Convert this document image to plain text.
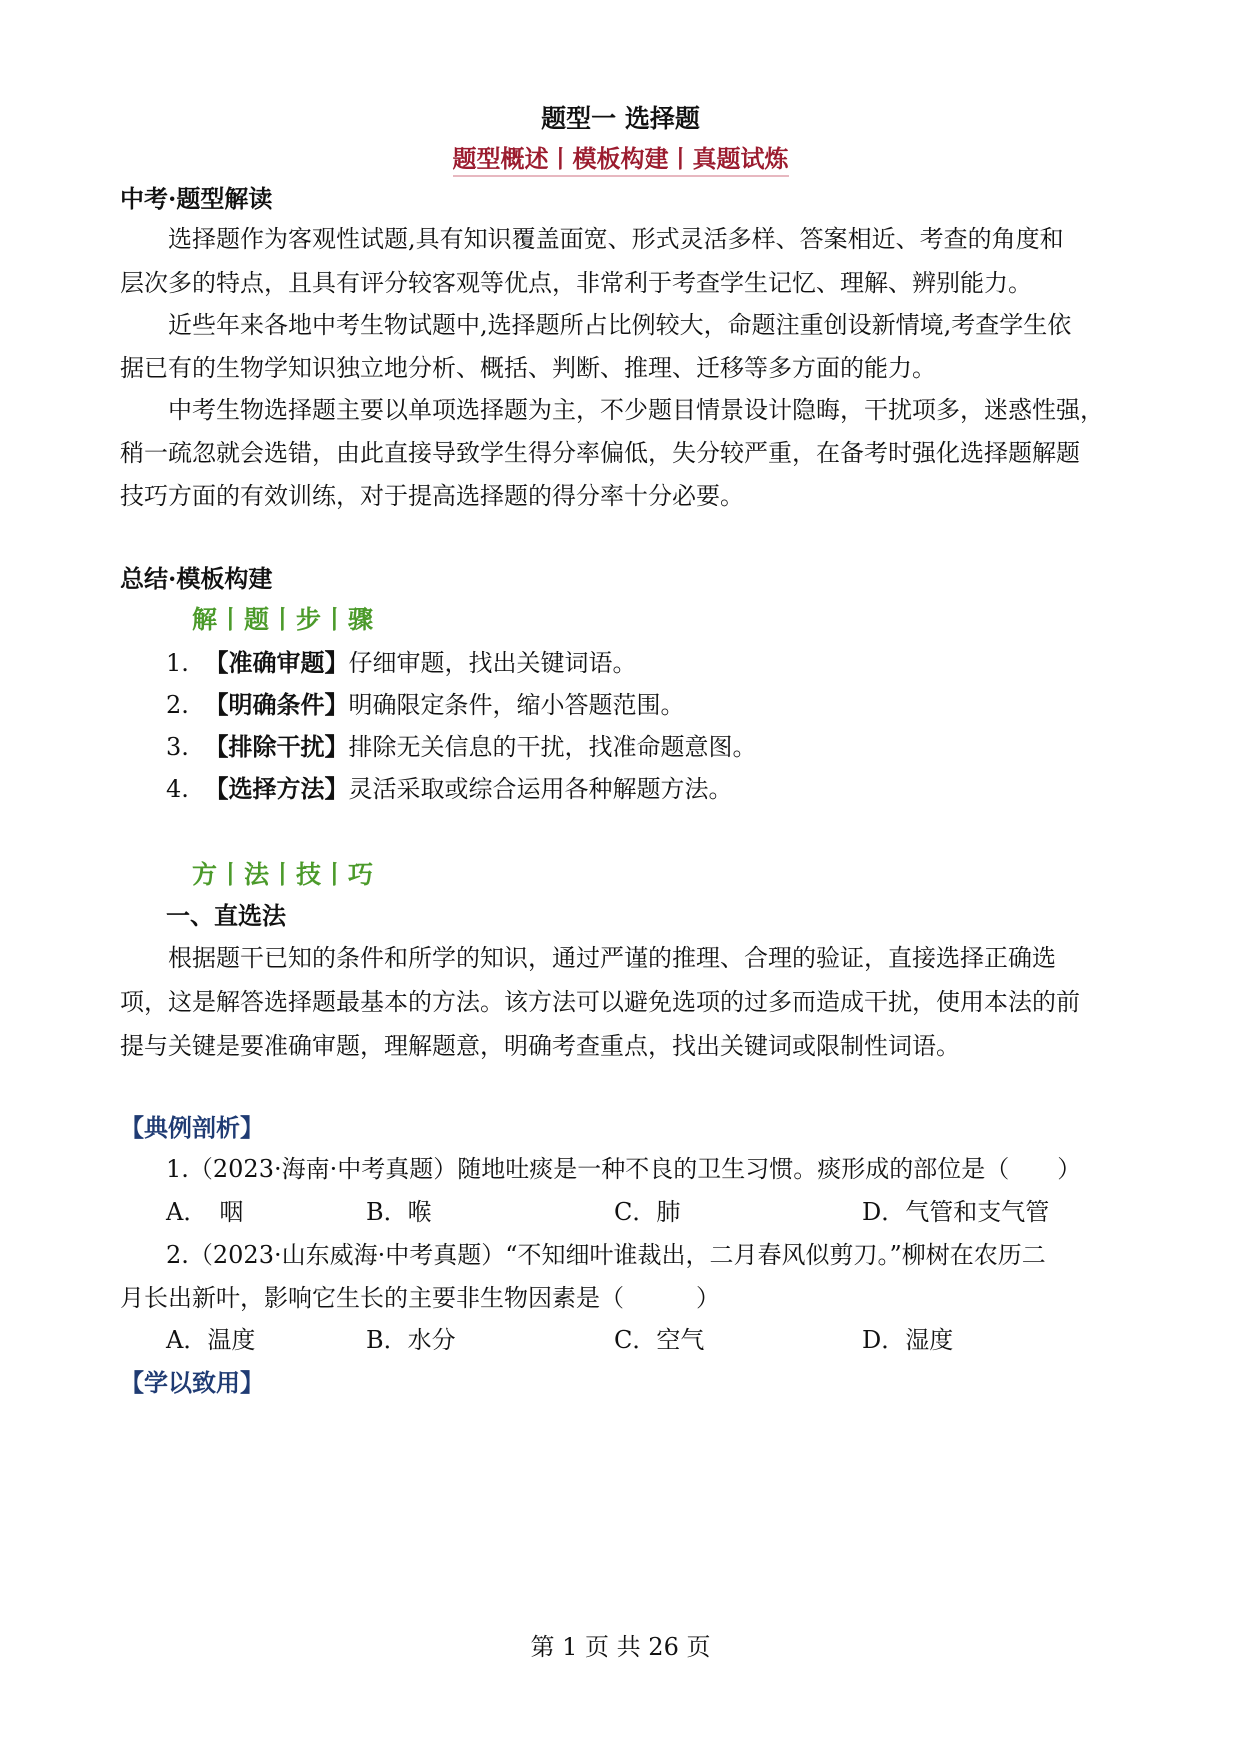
题型一 选择题
题型概述丨模板构建丨真题试炼
中考·题型解读
选择题作为客观性试题,具有知识覆盖面宽、形式灵活多样、答案相近、考查的角度和
层次多的特点，且具有评分较客观等优点，非常利于考查学生记忆、理解、辨别能力。
近些年来各地中考生物试题中,选择题所占比例较大，命题注重创设新情境,考查学生依
据已有的生物学知识独立地分析、概括、判断、推理、迁移等多方面的能力。
中考生物选择题主要以单项选择题为主，不少题目情景设计隐晦，干扰项多，迷惑性强，
稍一疏忽就会选错，由此直接导致学生得分率偏低，失分较严重，在备考时强化选择题解题
技巧方面的有效训练，对于提高选择题的得分率十分必要。
总结·模板构建
解丨题丨步丨骤
1. 【准确审题】仔细审题，找出关键词语。
2. 【明确条件】明确限定条件，缩小答题范围。
3. 【排除干扰】排除无关信息的干扰，找准命题意图。
4. 【选择方法】灵活采取或综合运用各种解题方法。
方丨法丨技丨巧
一、直选法
根据题干已知的条件和所学的知识，通过严谨的推理、合理的验证，直接选择正确选
项，这是解答选择题最基本的方法。该方法可以避免选项的过多而造成干扰，使用本法的前
提与关键是要准确审题，理解题意，明确考查重点，找出关键词或限制性词语。
【典例剖析】
1.（2023·海南·中考真题）随地吐痰是一种不良的卫生习惯。痰形成的部位是（　　）
A．　咽	B．喉	C．肺	D．气管和支气管
2.（2023·山东威海·中考真题）“不知细叶谁裁出，二月春风似剪刀。”柳树在农历二
月长出新叶，影响它生长的主要非生物因素是（　　　）
A．温度	B．水分	C．空气	D．湿度
【学以致用】
第 1 页 共 26 页
